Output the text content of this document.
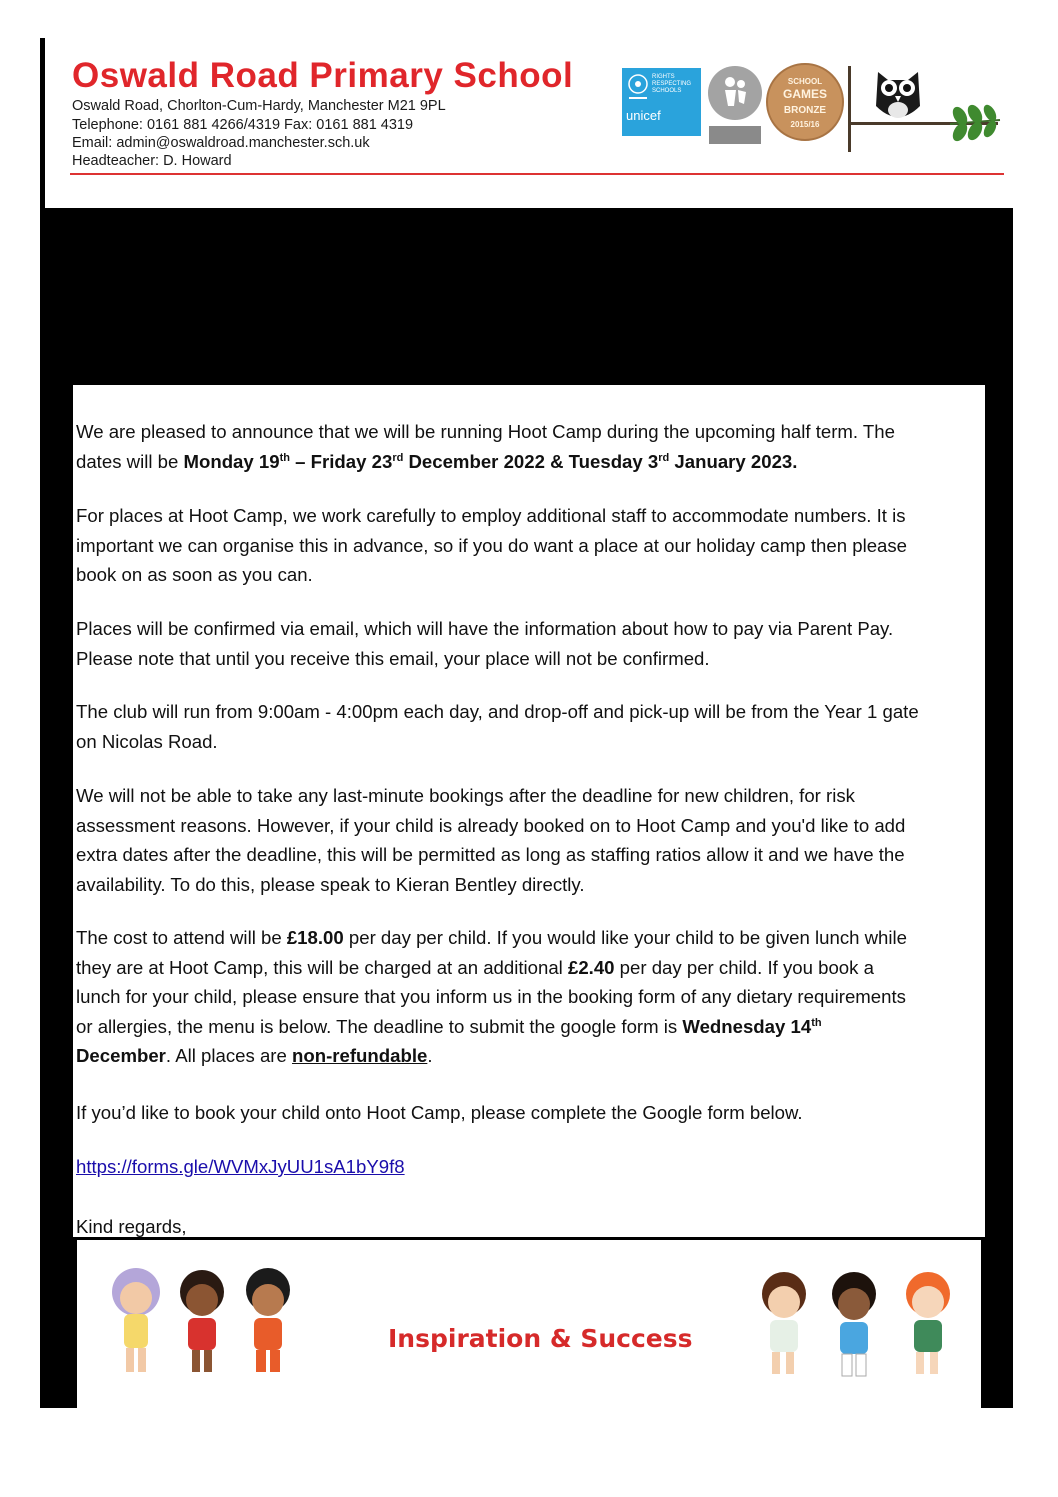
Oswald Road Primary School
Oswald Road, Chorlton-Cum-Hardy, Manchester M21 9PL
Telephone: 0161 881 4266/4319 Fax: 0161 881 4319
Email: admin@oswaldroad.manchester.sch.uk
Headteacher: D. Howard
RIGHTS RESPECTING SCHOOLS
unicef
SCHOOL
GAMES
BRONZE
2015/16
We are pleased to announce that we will be running Hoot Camp during the upcoming half term. The
dates will be Monday 19th – Friday 23rd December 2022 & Tuesday 3rd January 2023.
For places at Hoot Camp, we work carefully to employ additional staff to accommodate numbers. It is
important we can organise this in advance, so if you do want a place at our holiday camp then please
book on as soon as you can.
Places will be confirmed via email, which will have the information about how to pay via Parent Pay.
Please note that until you receive this email, your place will not be confirmed.
The club will run from 9:00am - 4:00pm each day, and drop-off and pick-up will be from the Year 1 gate
on Nicolas Road.
We will not be able to take any last-minute bookings after the deadline for new children, for risk
assessment reasons. However, if your child is already booked on to Hoot Camp and you'd like to add
extra dates after the deadline, this will be permitted as long as staffing ratios allow it and we have the
availability. To do this, please speak to Kieran Bentley directly.
The cost to attend will be £18.00 per day per child. If you would like your child to be given lunch while
they are at Hoot Camp, this will be charged at an additional £2.40 per day per child. If you book a
lunch for your child, please ensure that you inform us in the booking form of any dietary requirements
or allergies, the menu is below. The deadline to submit the google form is Wednesday 14th
December. All places are non-refundable.
If you’d like to book your child onto Hoot Camp, please complete the Google form below.
https://forms.gle/WVMxJyUU1sA1bY9f8
Kind regards,
Inspiration & Success
